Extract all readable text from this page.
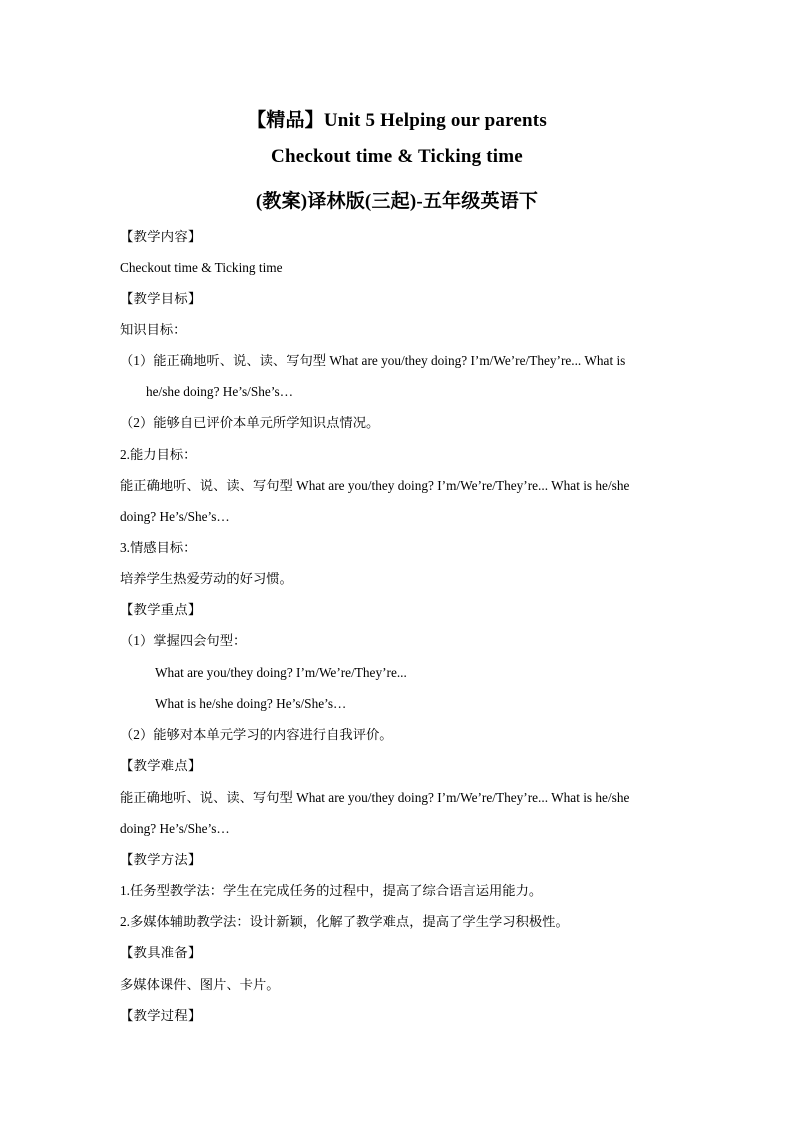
【精品】Unit 5 Helping our parents
Checkout time & Ticking time
(教案)译林版(三起)-五年级英语下
【教学内容】
Checkout time & Ticking time
【教学目标】
知识目标：
（1）能正确地听、说、读、写句型 What are you/they doing? I’m/We’re/They’re... What is
he/she doing? He’s/She’s…
（2）能够自已评价本单元所学知识点情况。
2.能力目标：
能正确地听、说、读、写句型 What are you/they doing? I’m/We’re/They’re... What is he/she
doing? He’s/She’s…
3.情感目标：
培养学生热爱劳动的好习惯。
【教学重点】
（1）掌握四会句型：
What are you/they doing? I’m/We’re/They’re...
What is he/she doing? He’s/She’s…
（2）能够对本单元学习的内容进行自我评价。
【教学难点】
能正确地听、说、读、写句型 What are you/they doing? I’m/We’re/They’re... What is he/she
doing? He’s/She’s…
【教学方法】
1.任务型教学法：学生在完成任务的过程中，提高了综合语言运用能力。
2.多媒体辅助教学法：设计新颖，化解了教学难点，提高了学生学习积极性。
【教具准备】
多媒体课件、图片、卡片。
【教学过程】
